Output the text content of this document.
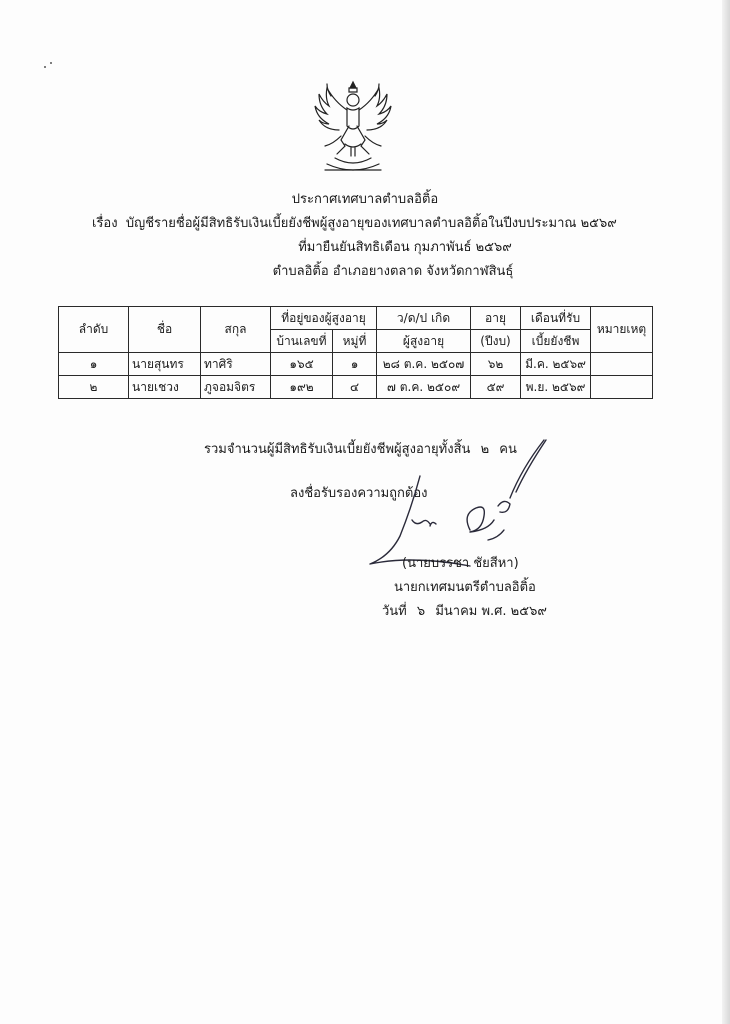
ประกาศเทศบาลตำบลอิติ้อ
เรื่อง บัญชีรายชื่อผู้มีสิทธิรับเงินเบี้ยยังชีพผู้สูงอายุของเทศบาลตำบลอิติ้อในปีงบประมาณ ๒๕๖๙
ที่มายืนยันสิทธิเดือน กุมภาพันธ์ ๒๕๖๙
ตำบลอิติ้อ อำเภอยางตลาด จังหวัดกาฬสินธุ์
ลำดับ	ชื่อ	สกุล	ที่อยู่ของผู้สูงอายุ		ว/ด/ป เกิด	อายุ	เดือนที่รับ	หมายเหตุ
			บ้านเลขที่	หมู่ที่	ผู้สูงอายุ	(ปีงบ)	เบี้ยยังชีพ	
๑	นายสุนทร	ทาศิริ	๑๖๕	๑	๒๘ ต.ค. ๒๕๐๗	๖๒	มี.ค. ๒๕๖๙	
๒	นายเชวง	ภูจอมจิตร	๑๙๒	๔	๗ ต.ค. ๒๕๐๙	๕๙	พ.ย. ๒๕๖๙	
รวมจำนวนผู้มีสิทธิรับเงินเบี้ยยังชีพผู้สูงอายุทั้งสิ้น ๒ คน
ลงชื่อรับรองความถูกต้อง
(นายบรรชา ชัยสีหา)
นายกเทศมนตรีตำบลอิติ้อ
วันที่ ๖ มีนาคม พ.ศ. ๒๕๖๙
